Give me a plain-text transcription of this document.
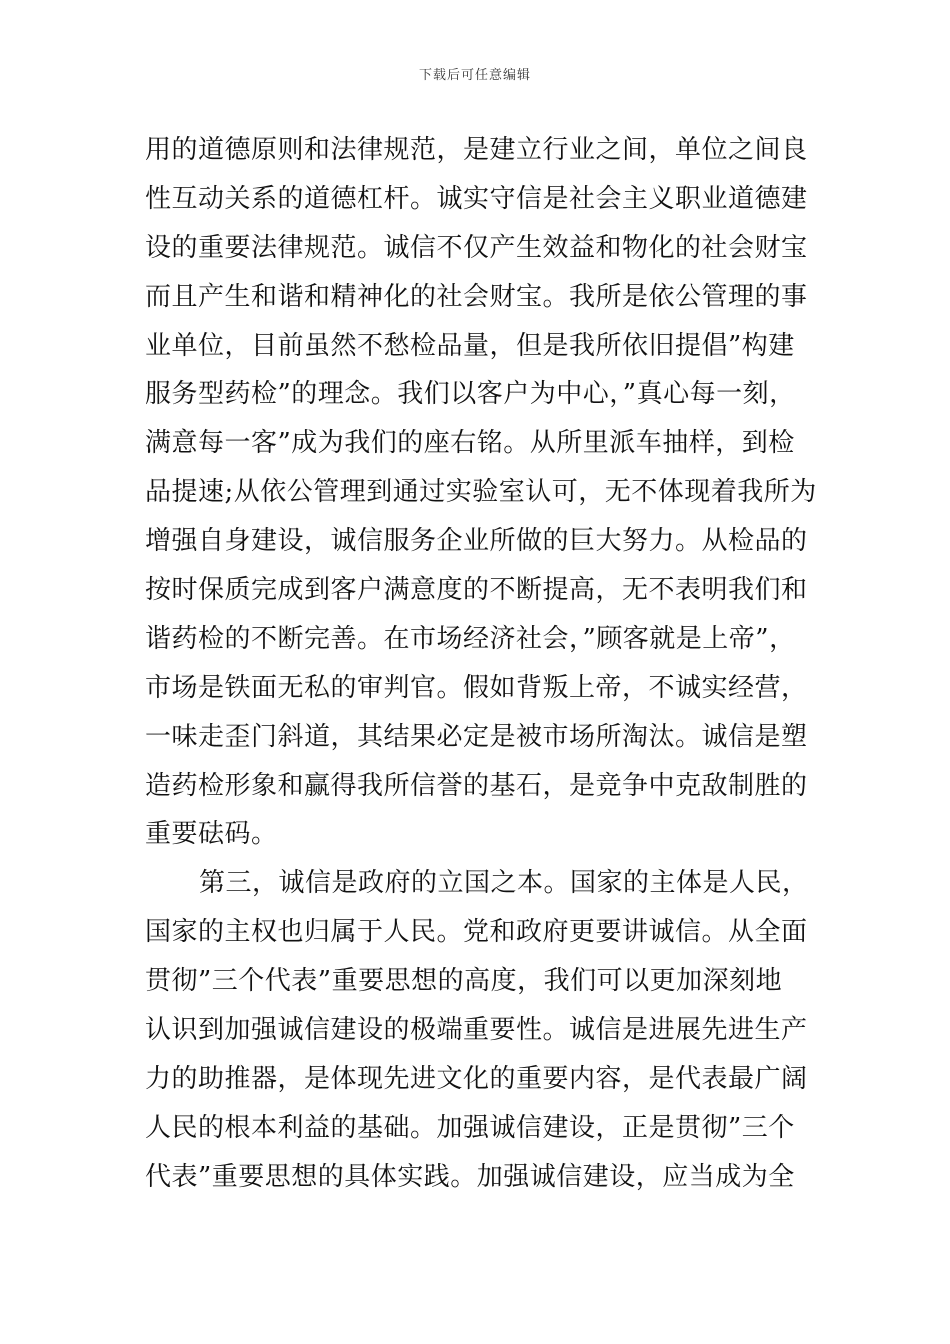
下载后可任意编辑
用的道德原则和法律规范，是建立行业之间，单位之间良
性互动关系的道德杠杆。诚实守信是社会主义职业道德建
设的重要法律规范。诚信不仅产生效益和物化的社会财宝
而且产生和谐和精神化的社会财宝。我所是依公管理的事
业单位，目前虽然不愁检品量，但是我所依旧提倡”构建
服务型药检”的理念。我们以客户为中心，”真心每一刻，
满意每一客”成为我们的座右铭。从所里派车抽样，到检
品提速;从依公管理到通过实验室认可，无不体现着我所为
增强自身建设，诚信服务企业所做的巨大努力。从检品的
按时保质完成到客户满意度的不断提高，无不表明我们和
谐药检的不断完善。在市场经济社会，”顾客就是上帝”，
市场是铁面无私的审判官。假如背叛上帝，不诚实经营，
一味走歪门斜道，其结果必定是被市场所淘汰。诚信是塑
造药检形象和赢得我所信誉的基石，是竞争中克敌制胜的
重要砝码。
第三，诚信是政府的立国之本。国家的主体是人民，
国家的主权也归属于人民。党和政府更要讲诚信。从全面
贯彻”三个代表”重要思想的高度，我们可以更加深刻地
认识到加强诚信建设的极端重要性。诚信是进展先进生产
力的助推器，是体现先进文化的重要内容，是代表最广阔
人民的根本利益的基础。加强诚信建设，正是贯彻”三个
代表”重要思想的具体实践。加强诚信建设，应当成为全
